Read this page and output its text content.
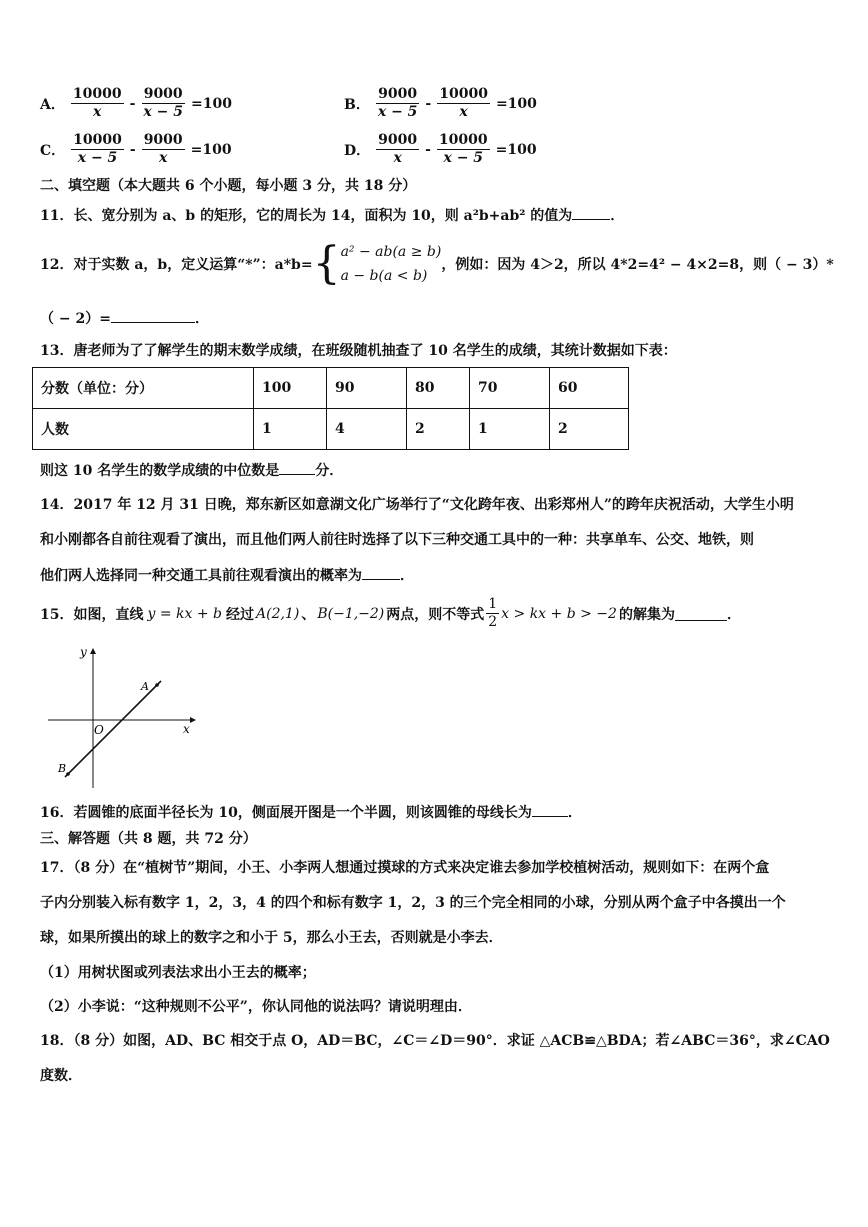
A． $\frac{10000}{x} - \frac{9000}{x - 5} =100$	B． $\frac{9000}{x - 5} - \frac{10000}{x} =100$
C． $\frac{10000}{x - 5} - \frac{9000}{x} =100$	D． $\frac{9000}{x} - \frac{10000}{x - 5} =100$
二、填空题（本大题共 6 个小题，每小题 3 分，共 18 分）
11．长、宽分别为 a、b 的矩形，它的周长为 14，面积为 10，则 a²b+ab² 的值为	．
12．对于实数 a，b，定义运算“*”：a*b= { a² − ab(a ≥ b)
a − b(a < b)
，例如：因为 4＞2，所以 4*2=4² − 4×2=8，则（ − 3）*
（ − 2）=	．
13．唐老师为了了解学生的期末数学成绩，在班级随机抽查了 10 名学生的成绩，其统计数据如下表：
分数（单位：分）	100	90	80	70	60
人数	1	4	2	1	2
则这 10 名学生的数学成绩的中位数是	分．
14．2017 年 12 月 31 日晚，郑东新区如意湖文化广场举行了“文化跨年夜、出彩郑州人”的跨年庆祝活动，大学生小明
和小刚都各自前往观看了演出，而且他们两人前往时选择了以下三种交通工具中的一种：共享单车、公交、地铁，则
他们两人选择同一种交通工具前往观看演出的概率为	．
15．如图，直线 y = kx + b 经过 A(2,1) 、 B(−1,−2) 两点，则不等式 $\frac{1}{2}$ x > kx + b > −2 的解集为	．
y
x
O
A
B
16．若圆锥的底面半径长为 10，侧面展开图是一个半圆，则该圆锥的母线长为	．
三、解答题（共 8 题，共 72 分）
17．（8 分）在“植树节”期间，小王、小李两人想通过摸球的方式来决定谁去参加学校植树活动，规则如下：在两个盒
子内分别装入标有数字 1，2，3，4 的四个和标有数字 1，2，3 的三个完全相同的小球，分别从两个盒子中各摸出一个
球，如果所摸出的球上的数字之和小于 5，那么小王去，否则就是小李去．
（1）用树状图或列表法求出小王去的概率；
（2）小李说：“这种规则不公平”，你认同他的说法吗？请说明理由．
18．（8 分）如图，AD、BC 相交于点 O，AD＝BC，∠C＝∠D＝90°．求证 △ACB≌△BDA；若∠ABC＝36°，求∠CAO
度数．
